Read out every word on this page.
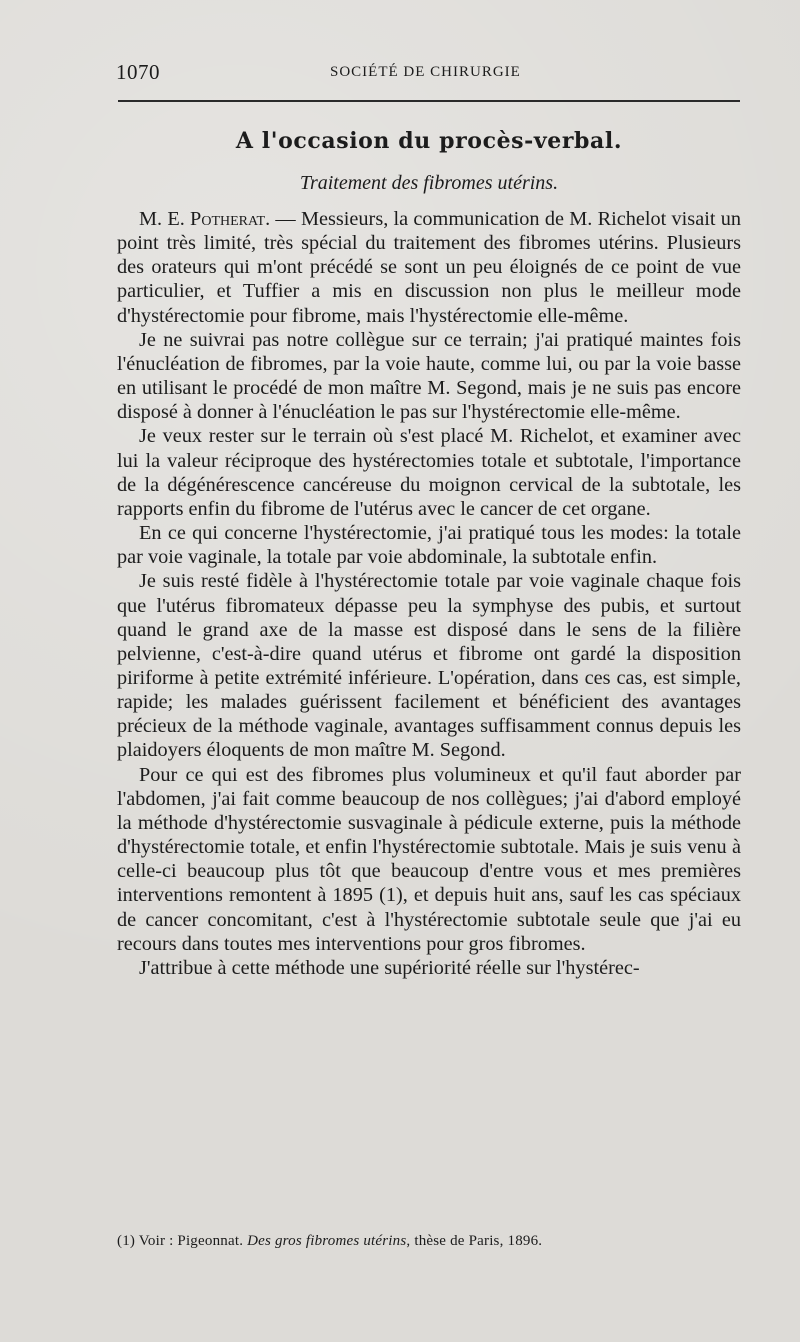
1070	SOCIÉTÉ DE CHIRURGIE
A l'occasion du procès-verbal.
Traitement des fibromes utérins.

M. E. Potherat. — Messieurs, la communication de M. Richelot visait un point très limité, très spécial du traitement des fibromes utérins. Plusieurs des orateurs qui m'ont précédé se sont un peu éloignés de ce point de vue particulier, et Tuffier a mis en discussion non plus le meilleur mode d'hystérectomie pour fibrome, mais l'hystérectomie elle-même.

Je ne suivrai pas notre collègue sur ce terrain; j'ai pratiqué maintes fois l'énucléation de fibromes, par la voie haute, comme lui, ou par la voie basse en utilisant le procédé de mon maître M. Segond, mais je ne suis pas encore disposé à donner à l'énucléation le pas sur l'hystérectomie elle-même.

Je veux rester sur le terrain où s'est placé M. Richelot, et examiner avec lui la valeur réciproque des hystérectomies totale et subtotale, l'importance de la dégénérescence cancéreuse du moignon cervical de la subtotale, les rapports enfin du fibrome de l'utérus avec le cancer de cet organe.

En ce qui concerne l'hystérectomie, j'ai pratiqué tous les modes: la totale par voie vaginale, la totale par voie abdominale, la subtotale enfin.

Je suis resté fidèle à l'hystérectomie totale par voie vaginale chaque fois que l'utérus fibromateux dépasse peu la symphyse des pubis, et surtout quand le grand axe de la masse est disposé dans le sens de la filière pelvienne, c'est-à-dire quand utérus et fibrome ont gardé la disposition piriforme à petite extrémité inférieure. L'opération, dans ces cas, est simple, rapide; les malades guérissent facilement et bénéficient des avantages précieux de la méthode vaginale, avantages suffisamment connus depuis les plaidoyers éloquents de mon maître M. Segond.

Pour ce qui est des fibromes plus volumineux et qu'il faut aborder par l'abdomen, j'ai fait comme beaucoup de nos collègues; j'ai d'abord employé la méthode d'hystérectomie susvaginale à pédicule externe, puis la méthode d'hystérectomie totale, et enfin l'hystérectomie subtotale. Mais je suis venu à celle-ci beaucoup plus tôt que beaucoup d'entre vous et mes premières interventions remontent à 1895 (1), et depuis huit ans, sauf les cas spéciaux de cancer concomitant, c'est à l'hystérectomie subtotale seule que j'ai eu recours dans toutes mes interventions pour gros fibromes.

J'attribue à cette méthode une supériorité réelle sur l'hystérec-

(1) Voir : Pigeonnat. Des gros fibromes utérins, thèse de Paris, 1896.
